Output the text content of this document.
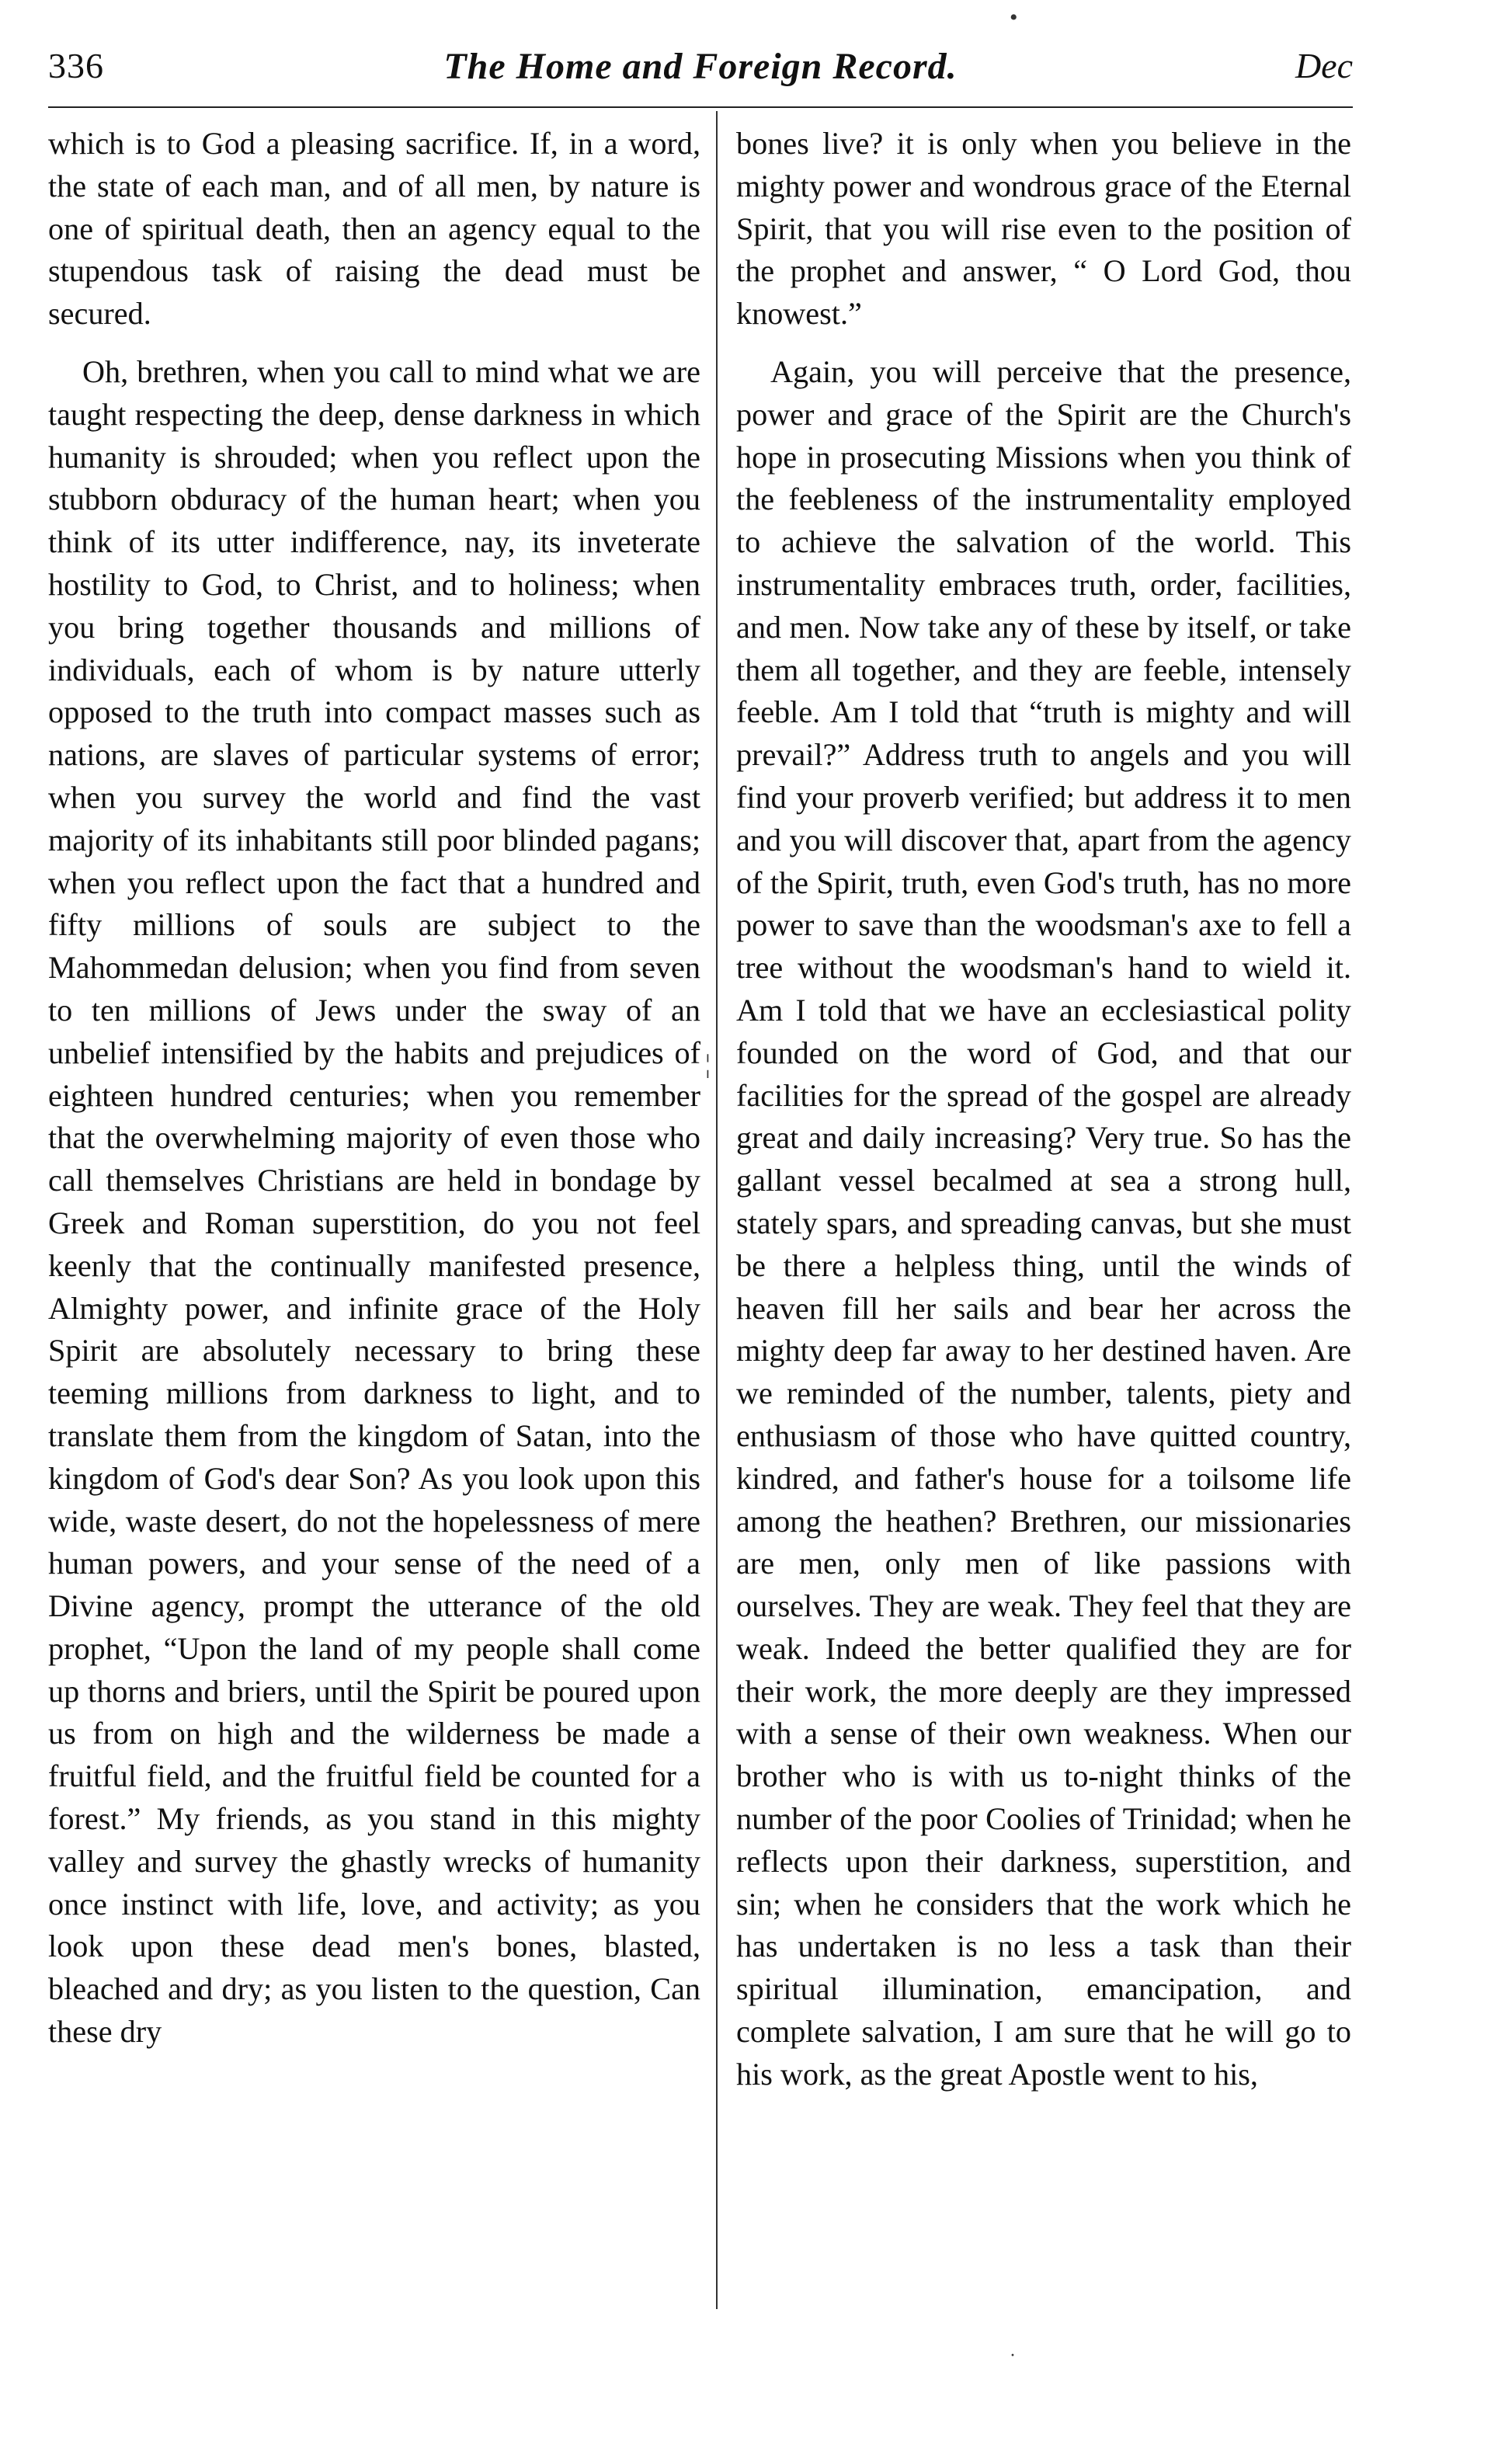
336	The Home and Foreign Record.	Dec

which is to God a pleasing sacrifice. If, in a word, the state of each man, and of all men, by nature is one of spiritual death, then an agency equal to the stupendous task of raising the dead must be secured.

Oh, brethren, when you call to mind what we are taught respecting the deep, dense darkness in which humanity is shrouded; when you reflect upon the stubborn obduracy of the human heart; when you think of its utter indifference, nay, its inveterate hostility to God, to Christ, and to holiness; when you bring together thousands and millions of individuals, each of whom is by nature utterly opposed to the truth into compact masses such as nations, are slaves of particular systems of error; when you survey the world and find the vast majority of its inhabitants still poor blinded pagans; when you reflect upon the fact that a hundred and fifty millions of souls are subject to the Mahommedan delusion; when you find from seven to ten millions of Jews under the sway of an unbelief intensified by the habits and prejudices of eighteen hundred centuries; when you remember that the overwhelming majority of even those who call themselves Christians are held in bondage by Greek and Roman superstition, do you not feel keenly that the continually manifested presence, Almighty power, and infinite grace of the Holy Spirit are absolutely necessary to bring these teeming millions from darkness to light, and to translate them from the kingdom of Satan, into the kingdom of God's dear Son? As you look upon this wide, waste desert, do not the hopelessness of mere human powers, and your sense of the need of a Divine agency, prompt the utterance of the old prophet, “Upon the land of my people shall come up thorns and briers, until the Spirit be poured upon us from on high and the wilderness be made a fruitful field, and the fruitful field be counted for a forest.” My friends, as you stand in this mighty valley and survey the ghastly wrecks of humanity once instinct with life, love, and activity; as you look upon these dead men's bones, blasted, bleached and dry; as you listen to the question, Can these dry

bones live? it is only when you believe in the mighty power and wondrous grace of the Eternal Spirit, that you will rise even to the position of the prophet and answer, “ O Lord God, thou knowest.”

Again, you will perceive that the presence, power and grace of the Spirit are the Church's hope in prosecuting Missions when you think of the feebleness of the instrumentality employed to achieve the salvation of the world. This instrumentality embraces truth, order, facilities, and men. Now take any of these by itself, or take them all together, and they are feeble, intensely feeble. Am I told that “truth is mighty and will prevail?” Address truth to angels and you will find your proverb verified; but address it to men and you will discover that, apart from the agency of the Spirit, truth, even God's truth, has no more power to save than the woodsman's axe to fell a tree without the woodsman's hand to wield it. Am I told that we have an ecclesiastical polity founded on the word of God, and that our facilities for the spread of the gospel are already great and daily increasing? Very true. So has the gallant vessel becalmed at sea a strong hull, stately spars, and spreading canvas, but she must be there a helpless thing, until the winds of heaven fill her sails and bear her across the mighty deep far away to her destined haven. Are we reminded of the number, talents, piety and enthusiasm of those who have quitted country, kindred, and father's house for a toilsome life among the heathen? Brethren, our missionaries are men, only men of like passions with ourselves. They are weak. They feel that they are weak. Indeed the better qualified they are for their work, the more deeply are they impressed with a sense of their own weakness. When our brother who is with us to-night thinks of the number of the poor Coolies of Trinidad; when he reflects upon their darkness, superstition, and sin; when he considers that the work which he has undertaken is no less a task than their spiritual illumination, emancipation, and complete salvation, I am sure that he will go to his work, as the great Apostle went to his,

•
¦
·
